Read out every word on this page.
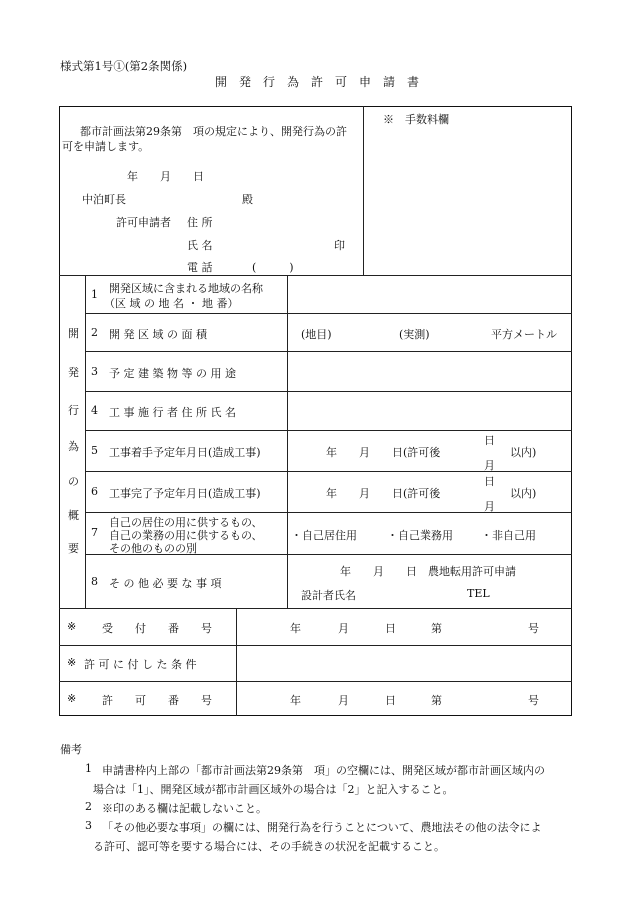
様式第1号①(第2条関係)
開　発　行　為　許　可　申　請　書
都市計画法第29条第　項の規定により、開発行為の許
可を申請します。
年　　月　　日
中泊町長	殿
許可申請者 住 所
氏 名	印
電 話	(　　　)
※　手数料欄
開
発
行
為
の
概
要
1 開発区域に含まれる地域の名称
（区 域 の 地 名 ・ 地 番）
2 開 発 区 域 の 面 積	(地目)	(実測)	平方メートル
3 予 定 建 築 物 等 の 用 途
4 工 事 施 行 者 住 所 氏 名
5 工事着手予定年月日(造成工事)	年　　月　　日(許可後
日
月
以内)
6 工事完了予定年月日(造成工事)	年　　月　　日(許可後
日
月
以内)
7
自己の居住の用に供するもの、
自己の業務の用に供するもの、
その他のものの別
・自己居住用	・自己業務用	・非自己用
8 そ の 他 必 要 な 事 項
年　　月　　日　農地転用許可申請
設計者氏名	TEL
※ 受　　付　　番　　号	年	月	日	第	号
※ 許 可 に 付 し た 条 件
※ 許　　可　　番　　号	年	月	日	第	号
備考
1 申請書枠内上部の「都市計画法第29条第　項」の空欄には、開発区域が都市計画区域内の
場合は「1」、開発区域が都市計画区域外の場合は「2」と記入すること。
2 ※印のある欄は記載しないこと。
3 「その他必要な事項」の欄には、開発行為を行うことについて、農地法その他の法令によ
る許可、認可等を要する場合には、その手続きの状況を記載すること。
